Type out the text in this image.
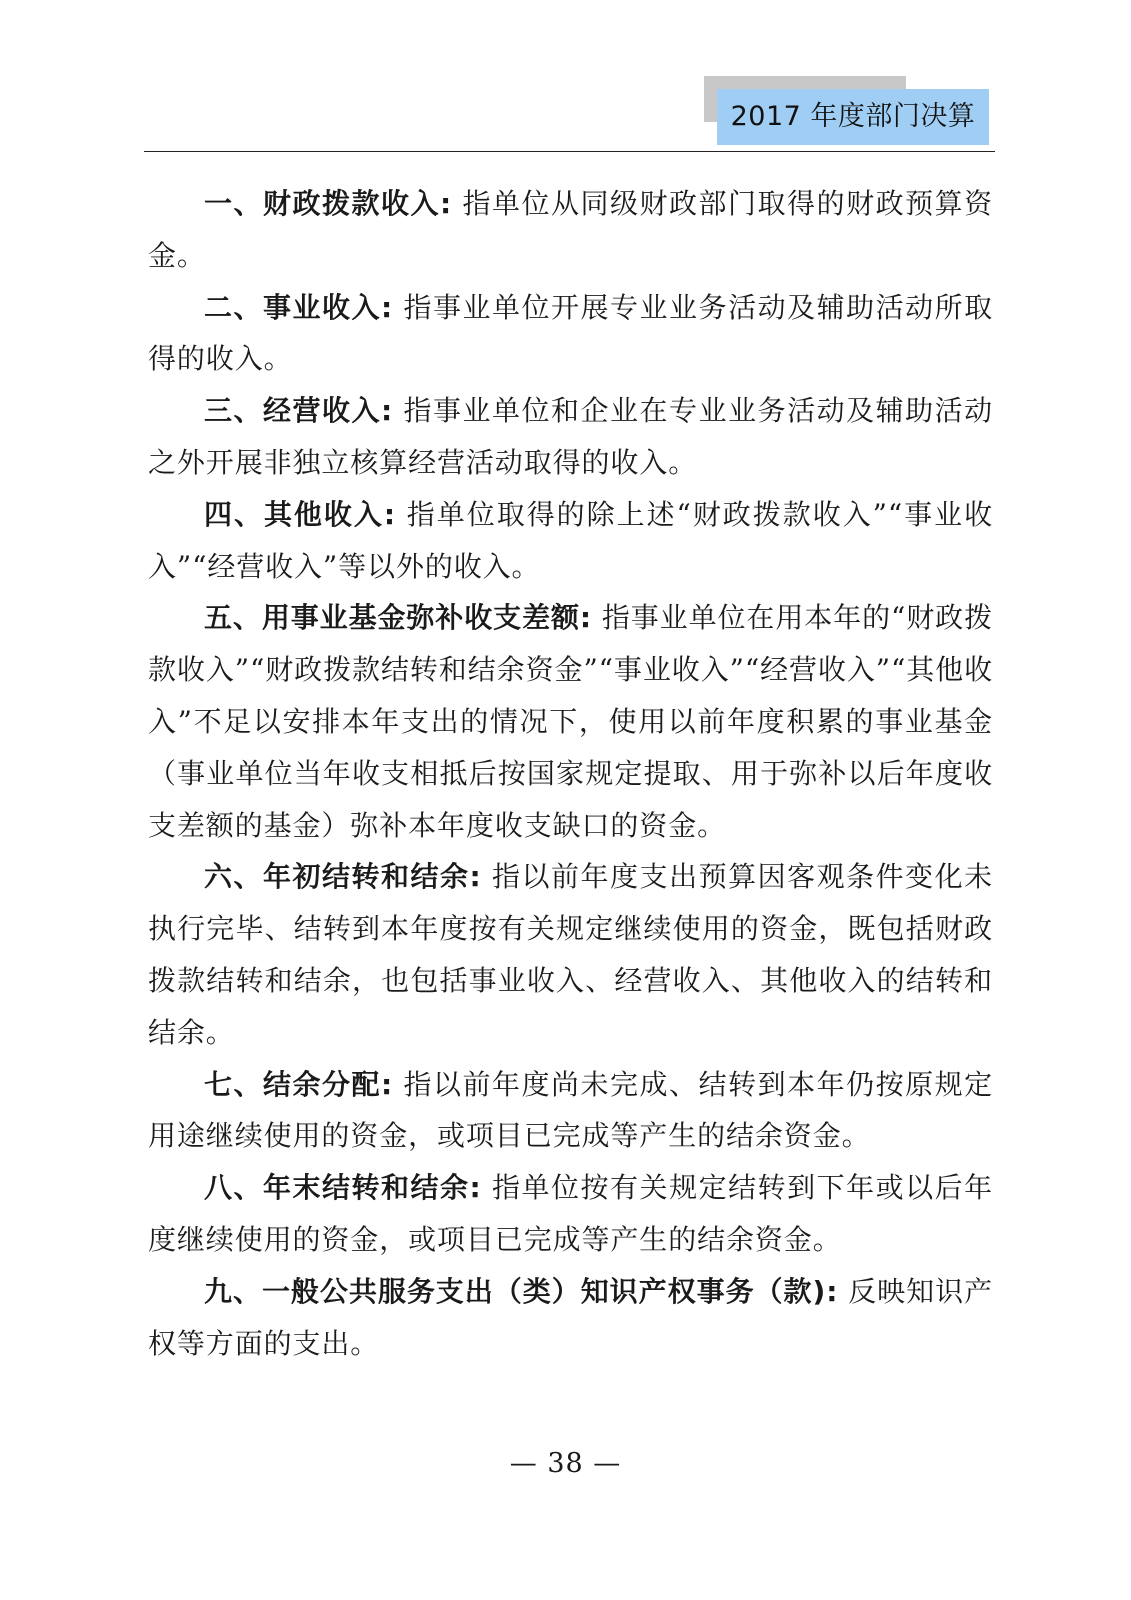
2017 年度部门决算

一、财政拨款收入: 指单位从同级财政部门取得的财政预算资金。

二、事业收入: 指事业单位开展专业业务活动及辅助活动所取得的收入。

三、经营收入: 指事业单位和企业在专业业务活动及辅助活动之外开展非独立核算经营活动取得的收入。

四、其他收入: 指单位取得的除上述“财政拨款收入”“事业收入”“经营收入”等以外的收入。

五、用事业基金弥补收支差额: 指事业单位在用本年的“财政拨款收入”“财政拨款结转和结余资金”“事业收入”“经营收入”“其他收入”不足以安排本年支出的情况下，使用以前年度积累的事业基金（事业单位当年收支相抵后按国家规定提取、用于弥补以后年度收支差额的基金）弥补本年度收支缺口的资金。

六、年初结转和结余: 指以前年度支出预算因客观条件变化未执行完毕、结转到本年度按有关规定继续使用的资金，既包括财政拨款结转和结余，也包括事业收入、经营收入、其他收入的结转和结余。

七、结余分配: 指以前年度尚未完成、结转到本年仍按原规定用途继续使用的资金，或项目已完成等产生的结余资金。

八、年末结转和结余: 指单位按有关规定结转到下年或以后年度继续使用的资金，或项目已完成等产生的结余资金。

九、一般公共服务支出（类）知识产权事务（款): 反映知识产权等方面的支出。

— 38 —
